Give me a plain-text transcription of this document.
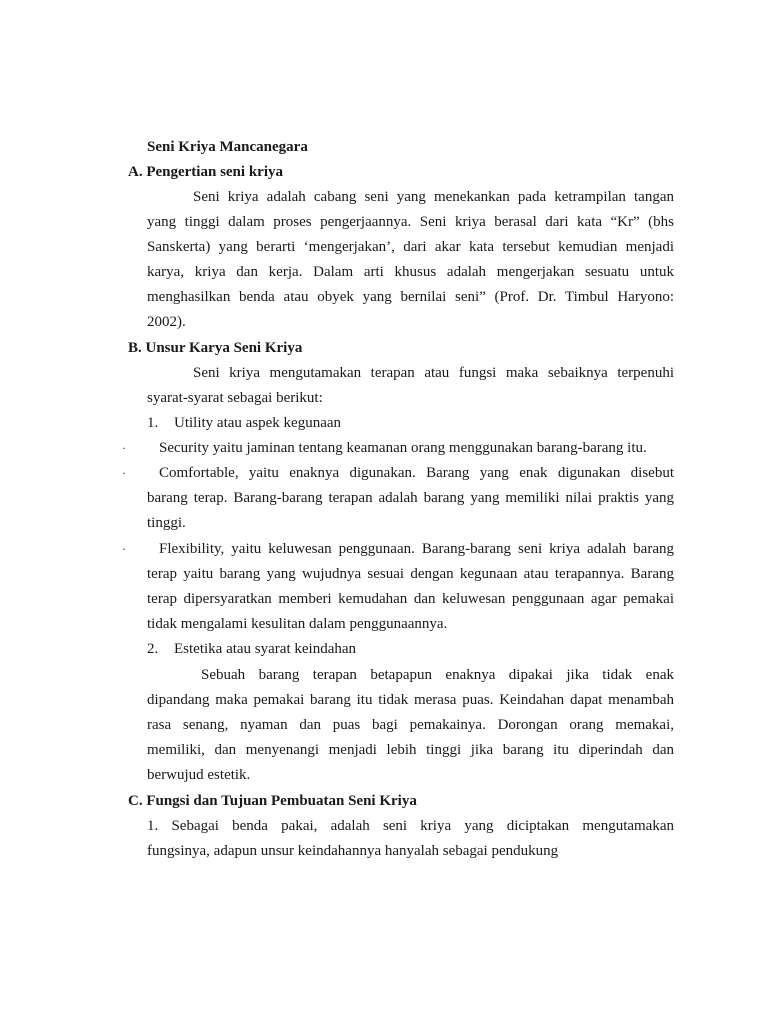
Seni Kriya Mancanegara
A. Pengertian seni kriya
Seni kriya adalah cabang seni yang menekankan pada ketrampilan tangan
yang tinggi dalam proses pengerjaannya. Seni kriya berasal dari kata “Kr” (bhs
Sanskerta) yang berarti ‘mengerjakan’, dari akar kata tersebut kemudian menjadi
karya, kriya dan kerja. Dalam arti khusus adalah mengerjakan sesuatu untuk
menghasilkan benda atau obyek yang bernilai seni” (Prof. Dr. Timbul Haryono:
2002).
B. Unsur Karya Seni Kriya
Seni kriya mengutamakan terapan atau fungsi maka sebaiknya terpenuhi
syarat-syarat sebagai berikut:
1. Utility atau aspek kegunaan
· Security yaitu jaminan tentang keamanan orang menggunakan barang-barang itu.
· Comfortable, yaitu enaknya digunakan. Barang yang enak digunakan disebut
barang terap. Barang-barang terapan adalah barang yang memiliki nilai praktis yang
tinggi.
· Flexibility, yaitu keluwesan penggunaan. Barang-barang seni kriya adalah barang
terap yaitu barang yang wujudnya sesuai dengan kegunaan atau terapannya. Barang
terap dipersyaratkan memberi kemudahan dan keluwesan penggunaan agar pemakai
tidak mengalami kesulitan dalam penggunaannya.
2. Estetika atau syarat keindahan
Sebuah barang terapan betapapun enaknya dipakai jika tidak enak
dipandang maka pemakai barang itu tidak merasa puas. Keindahan dapat menambah
rasa senang, nyaman dan puas bagi pemakainya. Dorongan orang memakai,
memiliki, dan menyenangi menjadi lebih tinggi jika barang itu diperindah dan
berwujud estetik.
C. Fungsi dan Tujuan Pembuatan Seni Kriya
1. Sebagai benda pakai, adalah seni kriya yang diciptakan mengutamakan
fungsinya, adapun unsur keindahannya hanyalah sebagai pendukung
